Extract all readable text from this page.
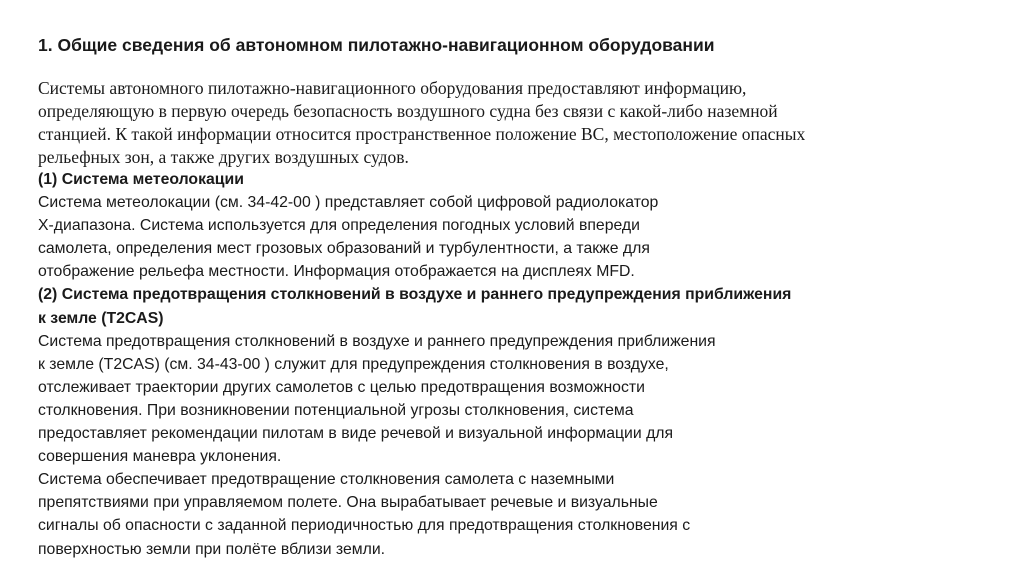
1. Общие сведения об автономном пилотажно-навигационном оборудовании
Системы автономного пилотажно-навигационного оборудования предоставляют информацию,
определяющую в первую очередь безопасность воздушного судна без связи с какой-либо наземной
станцией. К такой информации относится пространственное положение ВС, местоположение опасных
рельефных зон, а также других воздушных судов.
(1) Система метеолокации
Система метеолокации (см. 34-42-00 ) представляет собой цифровой радиолокатор
X-диапазона. Система используется для определения погодных условий впереди
самолета, определения мест грозовых образований и турбулентности, а также для
отображение рельефа местности. Информация отображается на дисплеях MFD.
(2) Система предотвращения столкновений в воздухе и раннего предупреждения приближения
к земле (T2CAS)
Система предотвращения столкновений в воздухе и раннего предупреждения приближения
к земле (T2CAS) (см. 34-43-00 ) служит для предупреждения столкновения в воздухе,
отслеживает траектории других самолетов с целью предотвращения возможности
столкновения. При возникновении потенциальной угрозы столкновения, система
предоставляет рекомендации пилотам в виде речевой и визуальной информации для
совершения маневра уклонения.
Система обеспечивает предотвращение столкновения самолета с наземными
препятствиями при управляемом полете. Она вырабатывает речевые и визуальные
сигналы об опасности с заданной периодичностью для предотвращения столкновения с
поверхностью земли при полёте вблизи земли.
